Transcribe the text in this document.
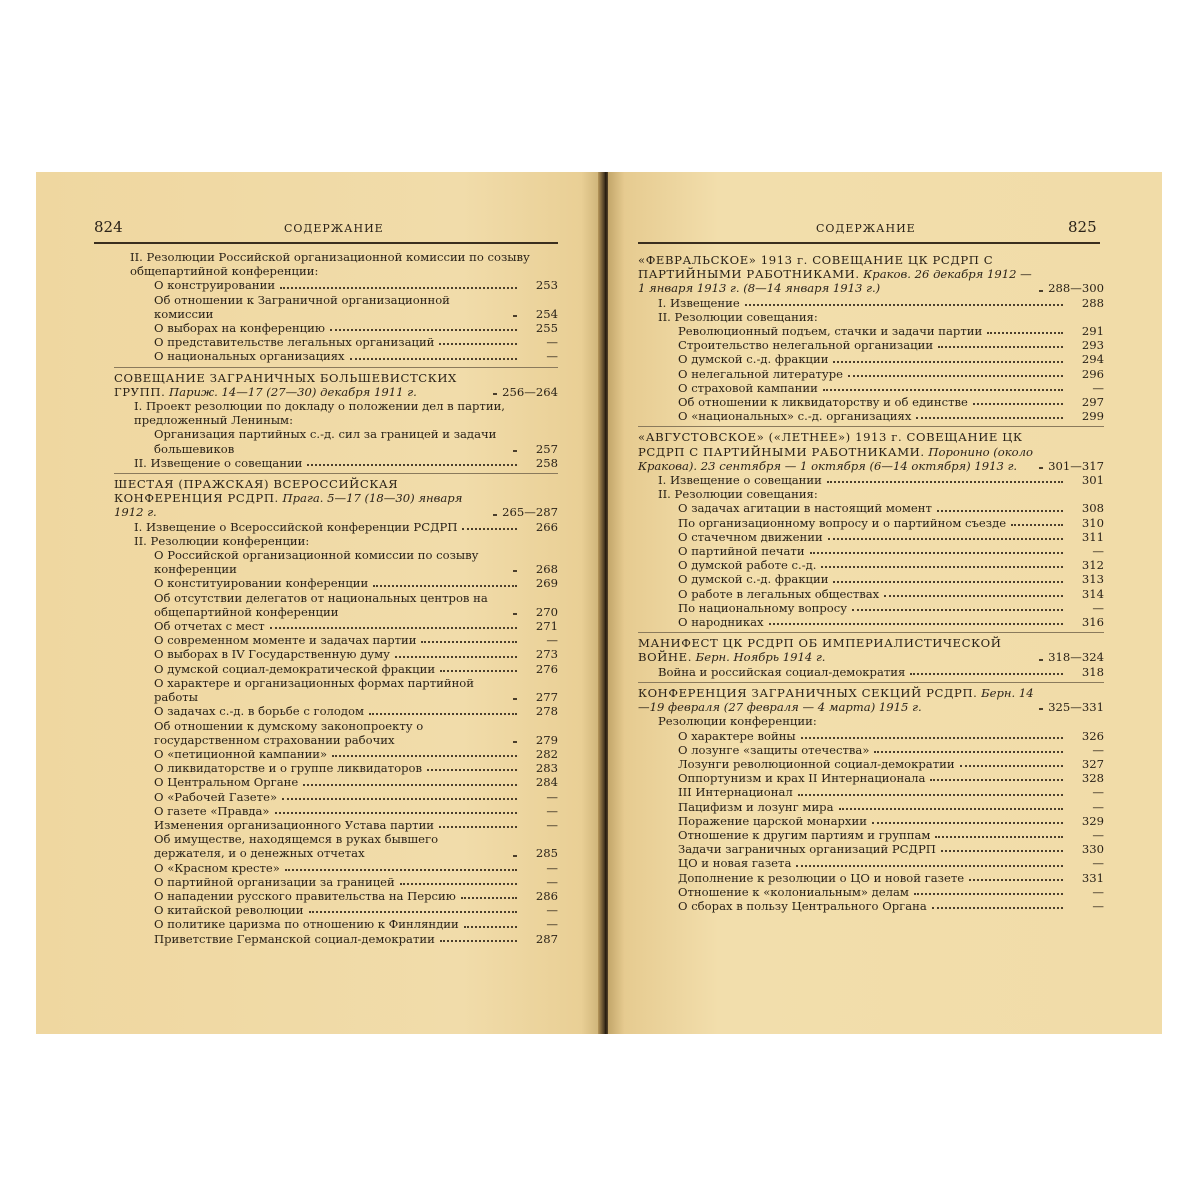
824	СОДЕРЖАНИЕ
II. Резолюции Российской организационной комиссии по созыву общепартийной конференции:
О конструировании	253
Об отношении к Заграничной организационной комиссии	254
О выборах на конференцию	255
О представительстве легальных организаций	—
О национальных организациях	—
СОВЕЩАНИЕ ЗАГРАНИЧНЫХ БОЛЬШЕВИСТСКИХ ГРУПП. Париж. 14—17 (27—30) декабря 1911 г.	256—264
I. Проект резолюции по докладу о положении дел в партии, предложенный Лениным:
Организация партийных с.-д. сил за границей и задачи большевиков	257
II. Извещение о совещании	258
ШЕСТАЯ (ПРАЖСКАЯ) ВСЕРОССИЙСКАЯ КОНФЕРЕНЦИЯ РСДРП. Прага. 5—17 (18—30) января 1912 г.	265—287
I. Извещение о Всероссийской конференции РСДРП	266
II. Резолюции конференции:
О Российской организационной комиссии по созыву конференции	268
О конституировании конференции	269
Об отсутствии делегатов от национальных центров на общепартийной конференции	270
Об отчетах с мест	271
О современном моменте и задачах партии	—
О выборах в IV Государственную думу	273
О думской социал-демократической фракции	276
О характере и организационных формах партийной работы	277
О задачах с.-д. в борьбе с голодом	278
Об отношении к думскому законопроекту о государственном страховании рабочих	279
О «петиционной кампании»	282
О ликвидаторстве и о группе ликвидаторов	283
О Центральном Органе	284
О «Рабочей Газете»	—
О газете «Правда»	—
Изменения организационного Устава партии	—
Об имуществе, находящемся в руках бывшего держателя, и о денежных отчетах	285
О «Красном кресте»	—
О партийной организации за границей	—
О нападении русского правительства на Персию	286
О китайской революции	—
О политике царизма по отношению к Финляндии	—
Приветствие Германской социал-демократии	287
СОДЕРЖАНИЕ	825
«ФЕВРАЛЬСКОЕ» 1913 г. СОВЕЩАНИЕ ЦК РСДРП С ПАРТИЙНЫМИ РАБОТНИКАМИ. Краков. 26 декабря 1912 — 1 января 1913 г. (8—14 января 1913 г.)	288—300
I. Извещение	288
II. Резолюции совещания:
Революционный подъем, стачки и задачи партии	291
Строительство нелегальной организации	293
О думской с.-д. фракции	294
О нелегальной литературе	296
О страховой кампании	—
Об отношении к ликвидаторству и об единстве	297
О «национальных» с.-д. организациях	299
«АВГУСТОВСКОЕ» («ЛЕТНЕЕ») 1913 г. СОВЕЩАНИЕ ЦК РСДРП С ПАРТИЙНЫМИ РАБОТНИКАМИ. Поронино (около Кракова). 23 сентября — 1 октября (6—14 октября) 1913 г.	301—317
I. Извещение о совещании	301
II. Резолюции совещания:
О задачах агитации в настоящий момент	308
По организационному вопросу и о партийном съезде	310
О стачечном движении	311
О партийной печати	—
О думской работе с.-д.	312
О думской с.-д. фракции	313
О работе в легальных обществах	314
По национальному вопросу	—
О народниках	316
МАНИФЕСТ ЦК РСДРП ОБ ИМПЕРИАЛИСТИЧЕСКОЙ ВОЙНЕ. Берн. Ноябрь 1914 г.	318—324
Война и российская социал-демократия	318
КОНФЕРЕНЦИЯ ЗАГРАНИЧНЫХ СЕКЦИЙ РСДРП. Берн. 14—19 февраля (27 февраля — 4 марта) 1915 г.	325—331
Резолюции конференции:
О характере войны	326
О лозунге «защиты отечества»	—
Лозунги революционной социал-демократии	327
Оппортунизм и крах II Интернационала	328
III Интернационал	—
Пацифизм и лозунг мира	—
Поражение царской монархии	329
Отношение к другим партиям и группам	—
Задачи заграничных организаций РСДРП	330
ЦО и новая газета	—
Дополнение к резолюции о ЦО и новой газете	331
Отношение к «колониальным» делам	—
О сборах в пользу Центрального Органа	—
